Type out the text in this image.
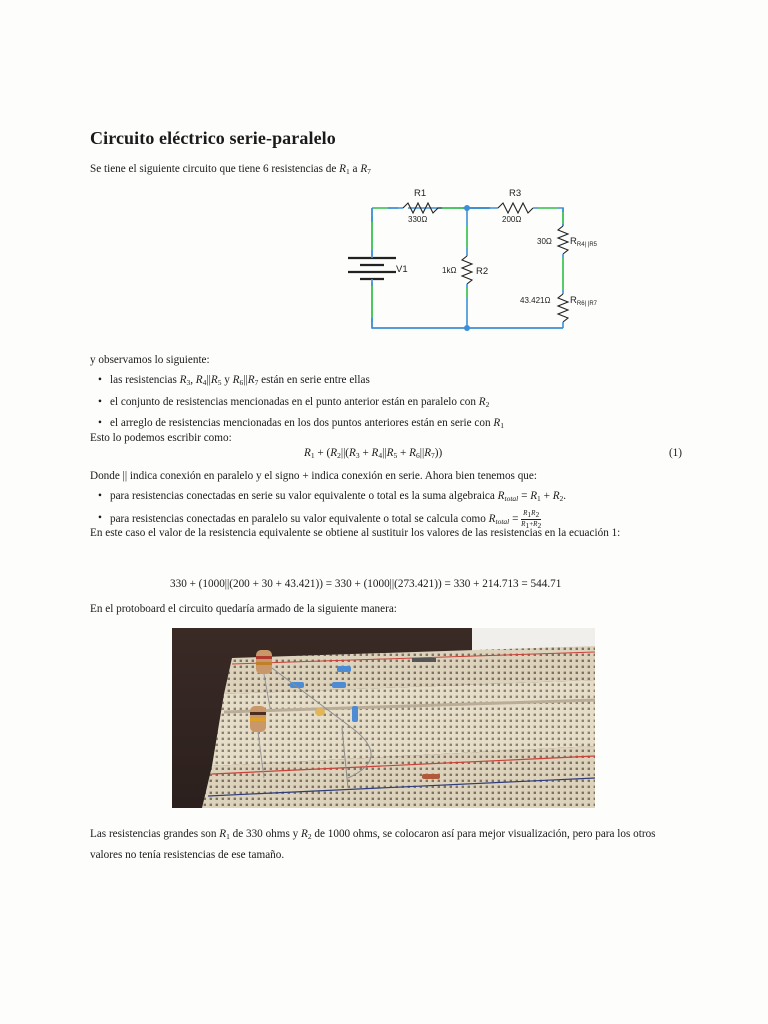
Circuito eléctrico serie-paralelo

Se tiene el siguiente circuito que tiene 6 resistencias de $R_1$ a $R_7$

R1
330Ω
R3
200Ω
R2
1kΩ
30Ω $R_{R4| |R5}$
43.421Ω $R_{R6| |R7}$
V1

y observamos lo siguiente:

• las resistencias $R_3$, $R_4||R_5$ y $R_6||R_7$ están en serie entre ellas
• el conjunto de resistencias mencionadas en el punto anterior están en paralelo con $R_2$
• el arreglo de resistencias mencionadas en los dos puntos anteriores están en serie con $R_1$

Esto lo podemos escribir como:

$R_1 + (R_2||(R_3 + R_4||R_5 + R_6||R_7))$	(1)

Donde || indica conexión en paralelo y el signo + indica conexión en serie. Ahora bien tenemos que:

• para resistencias conectadas en serie su valor equivalente o total es la suma algebraica $R_{total} = R_1 + R_2$.
• para resistencias conectadas en paralelo su valor equivalente o total se calcula como $R_{total} = \frac{R_1R_2}{R_1+R_2}$

En este caso el valor de la resistencia equivalente se obtiene al sustituir los valores de las resistencias en la ecuación 1:

330 + (1000||(200 + 30 + 43.421)) = 330 + (1000||(273.421)) = 330 + 214.713 = 544.71

En el protoboard el circuito quedaría armado de la siguiente manera:

Las resistencias grandes son $R_1$ de 330 ohms y $R_2$ de 1000 ohms, se colocaron así para mejor visualización, pero para los otros valores no tenía resistencias de ese tamaño.
